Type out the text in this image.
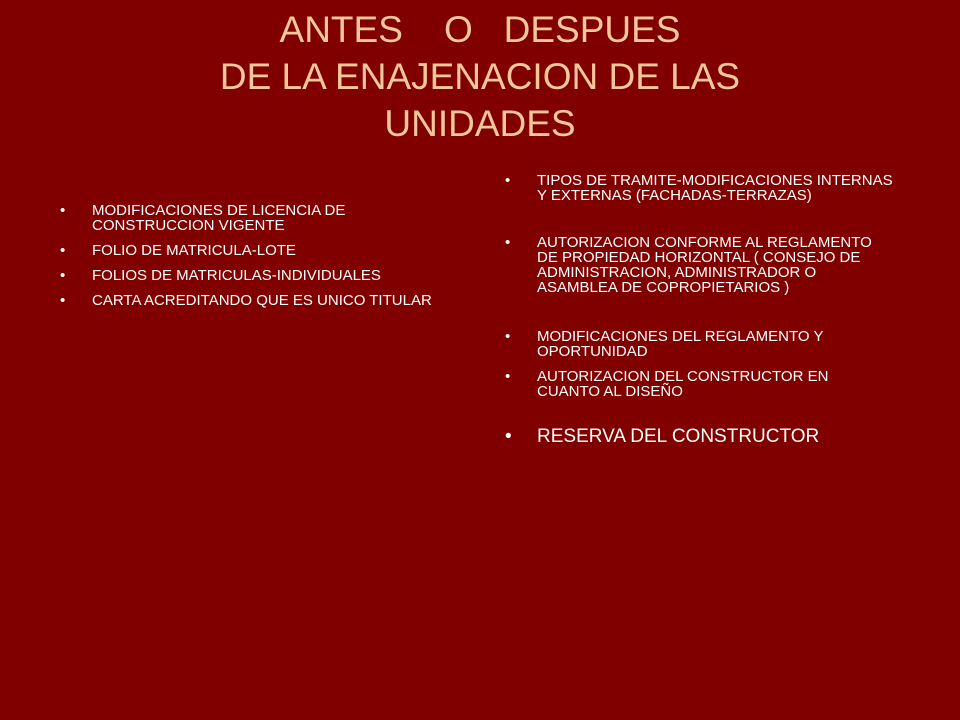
ANTES    O   DESPUES
DE LA ENAJENACION DE LAS
UNIDADES
• MODIFICACIONES DE LICENCIA DE CONSTRUCCION VIGENTE
• FOLIO DE MATRICULA-LOTE
• FOLIOS DE MATRICULAS-INDIVIDUALES
• CARTA ACREDITANDO QUE ES UNICO TITULAR
• TIPOS DE TRAMITE-MODIFICACIONES INTERNAS Y EXTERNAS (FACHADAS-TERRAZAS)
• AUTORIZACION CONFORME AL REGLAMENTO DE PROPIEDAD HORIZONTAL ( CONSEJO DE ADMINISTRACION, ADMINISTRADOR O ASAMBLEA DE COPROPIETARIOS )
• MODIFICACIONES DEL REGLAMENTO Y OPORTUNIDAD
• AUTORIZACION DEL CONSTRUCTOR EN CUANTO AL DISEÑO
• RESERVA DEL CONSTRUCTOR
